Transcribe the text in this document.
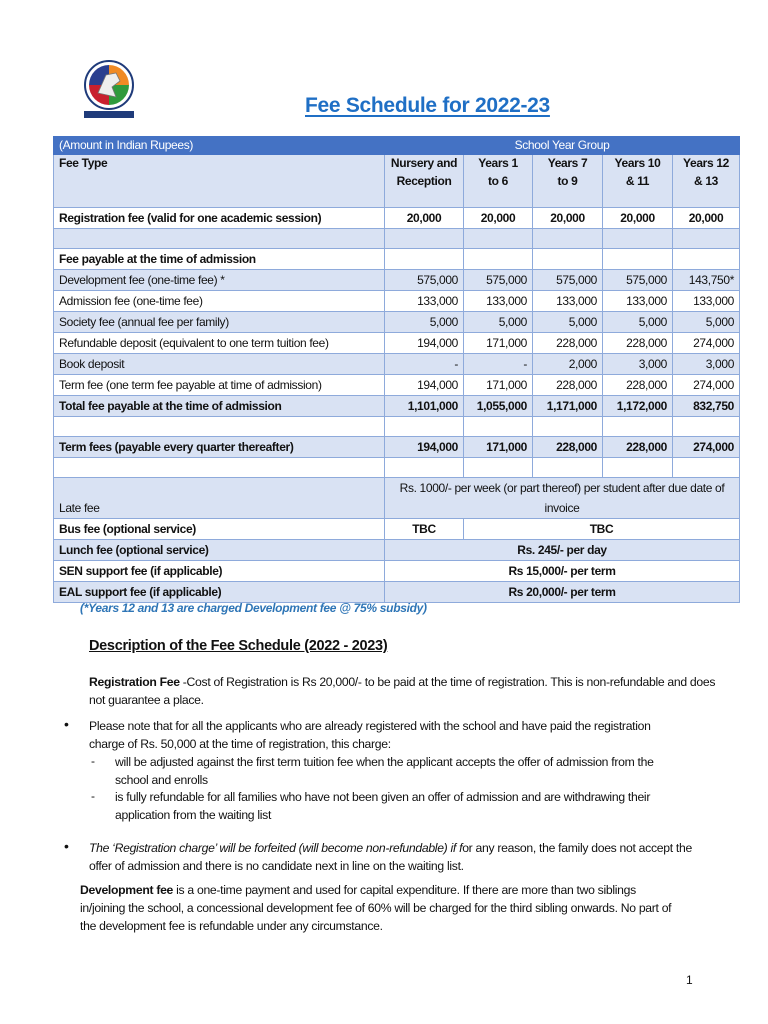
Fee Schedule for 2022-23
(Amount in Indian Rupees)	School Year Group				
Fee Type	Nursery and Reception	Years 1 to 6	Years 7 to 9	Years 10 & 11	Years 12 & 13
Registration fee (valid for one academic session)	20,000	20,000	20,000	20,000	20,000

Fee payable at the time of admission					
Development fee (one-time fee) *	575,000	575,000	575,000	575,000	143,750*
Admission fee (one-time fee)	133,000	133,000	133,000	133,000	133,000
Society fee (annual fee per family)	5,000	5,000	5,000	5,000	5,000
Refundable deposit (equivalent to one term tuition fee)	194,000	171,000	228,000	228,000	274,000
Book deposit	-	-	2,000	3,000	3,000
Term fee (one term fee payable at time of admission)	194,000	171,000	228,000	228,000	274,000
Total fee payable at the time of admission	1,101,000	1,055,000	1,171,000	1,172,000	832,750

Term fees (payable every quarter thereafter)	194,000	171,000	228,000	228,000	274,000

Late fee	Rs. 1000/- per week (or part thereof) per student after due date of invoice				
Bus fee (optional service)	TBC	TBC			
Lunch fee (optional service)	Rs. 245/- per day				
SEN support fee (if applicable)	Rs 15,000/- per term				
EAL support fee (if applicable)	Rs 20,000/- per term				
(*Years 12 and 13 are charged Development fee @ 75% subsidy)
Description of the Fee Schedule (2022 - 2023)
Registration Fee -Cost of Registration is Rs 20,000/- to be paid at the time of registration. This is non-refundable and does not guarantee a place.
• Please note that for all the applicants who are already registered with the school and have paid the registration charge of Rs. 50,000 at the time of registration, this charge:
- will be adjusted against the first term tuition fee when the applicant accepts the offer of admission from the school and enrolls
- is fully refundable for all families who have not been given an offer of admission and are withdrawing their application from the waiting list
• The ‘Registration charge’ will be forfeited (will become non-refundable) if for any reason, the family does not accept the offer of admission and there is no candidate next in line on the waiting list.
Development fee is a one-time payment and used for capital expenditure. If there are more than two siblings in/joining the school, a concessional development fee of 60% will be charged for the third sibling onwards. No part of the development fee is refundable under any circumstance.
1
